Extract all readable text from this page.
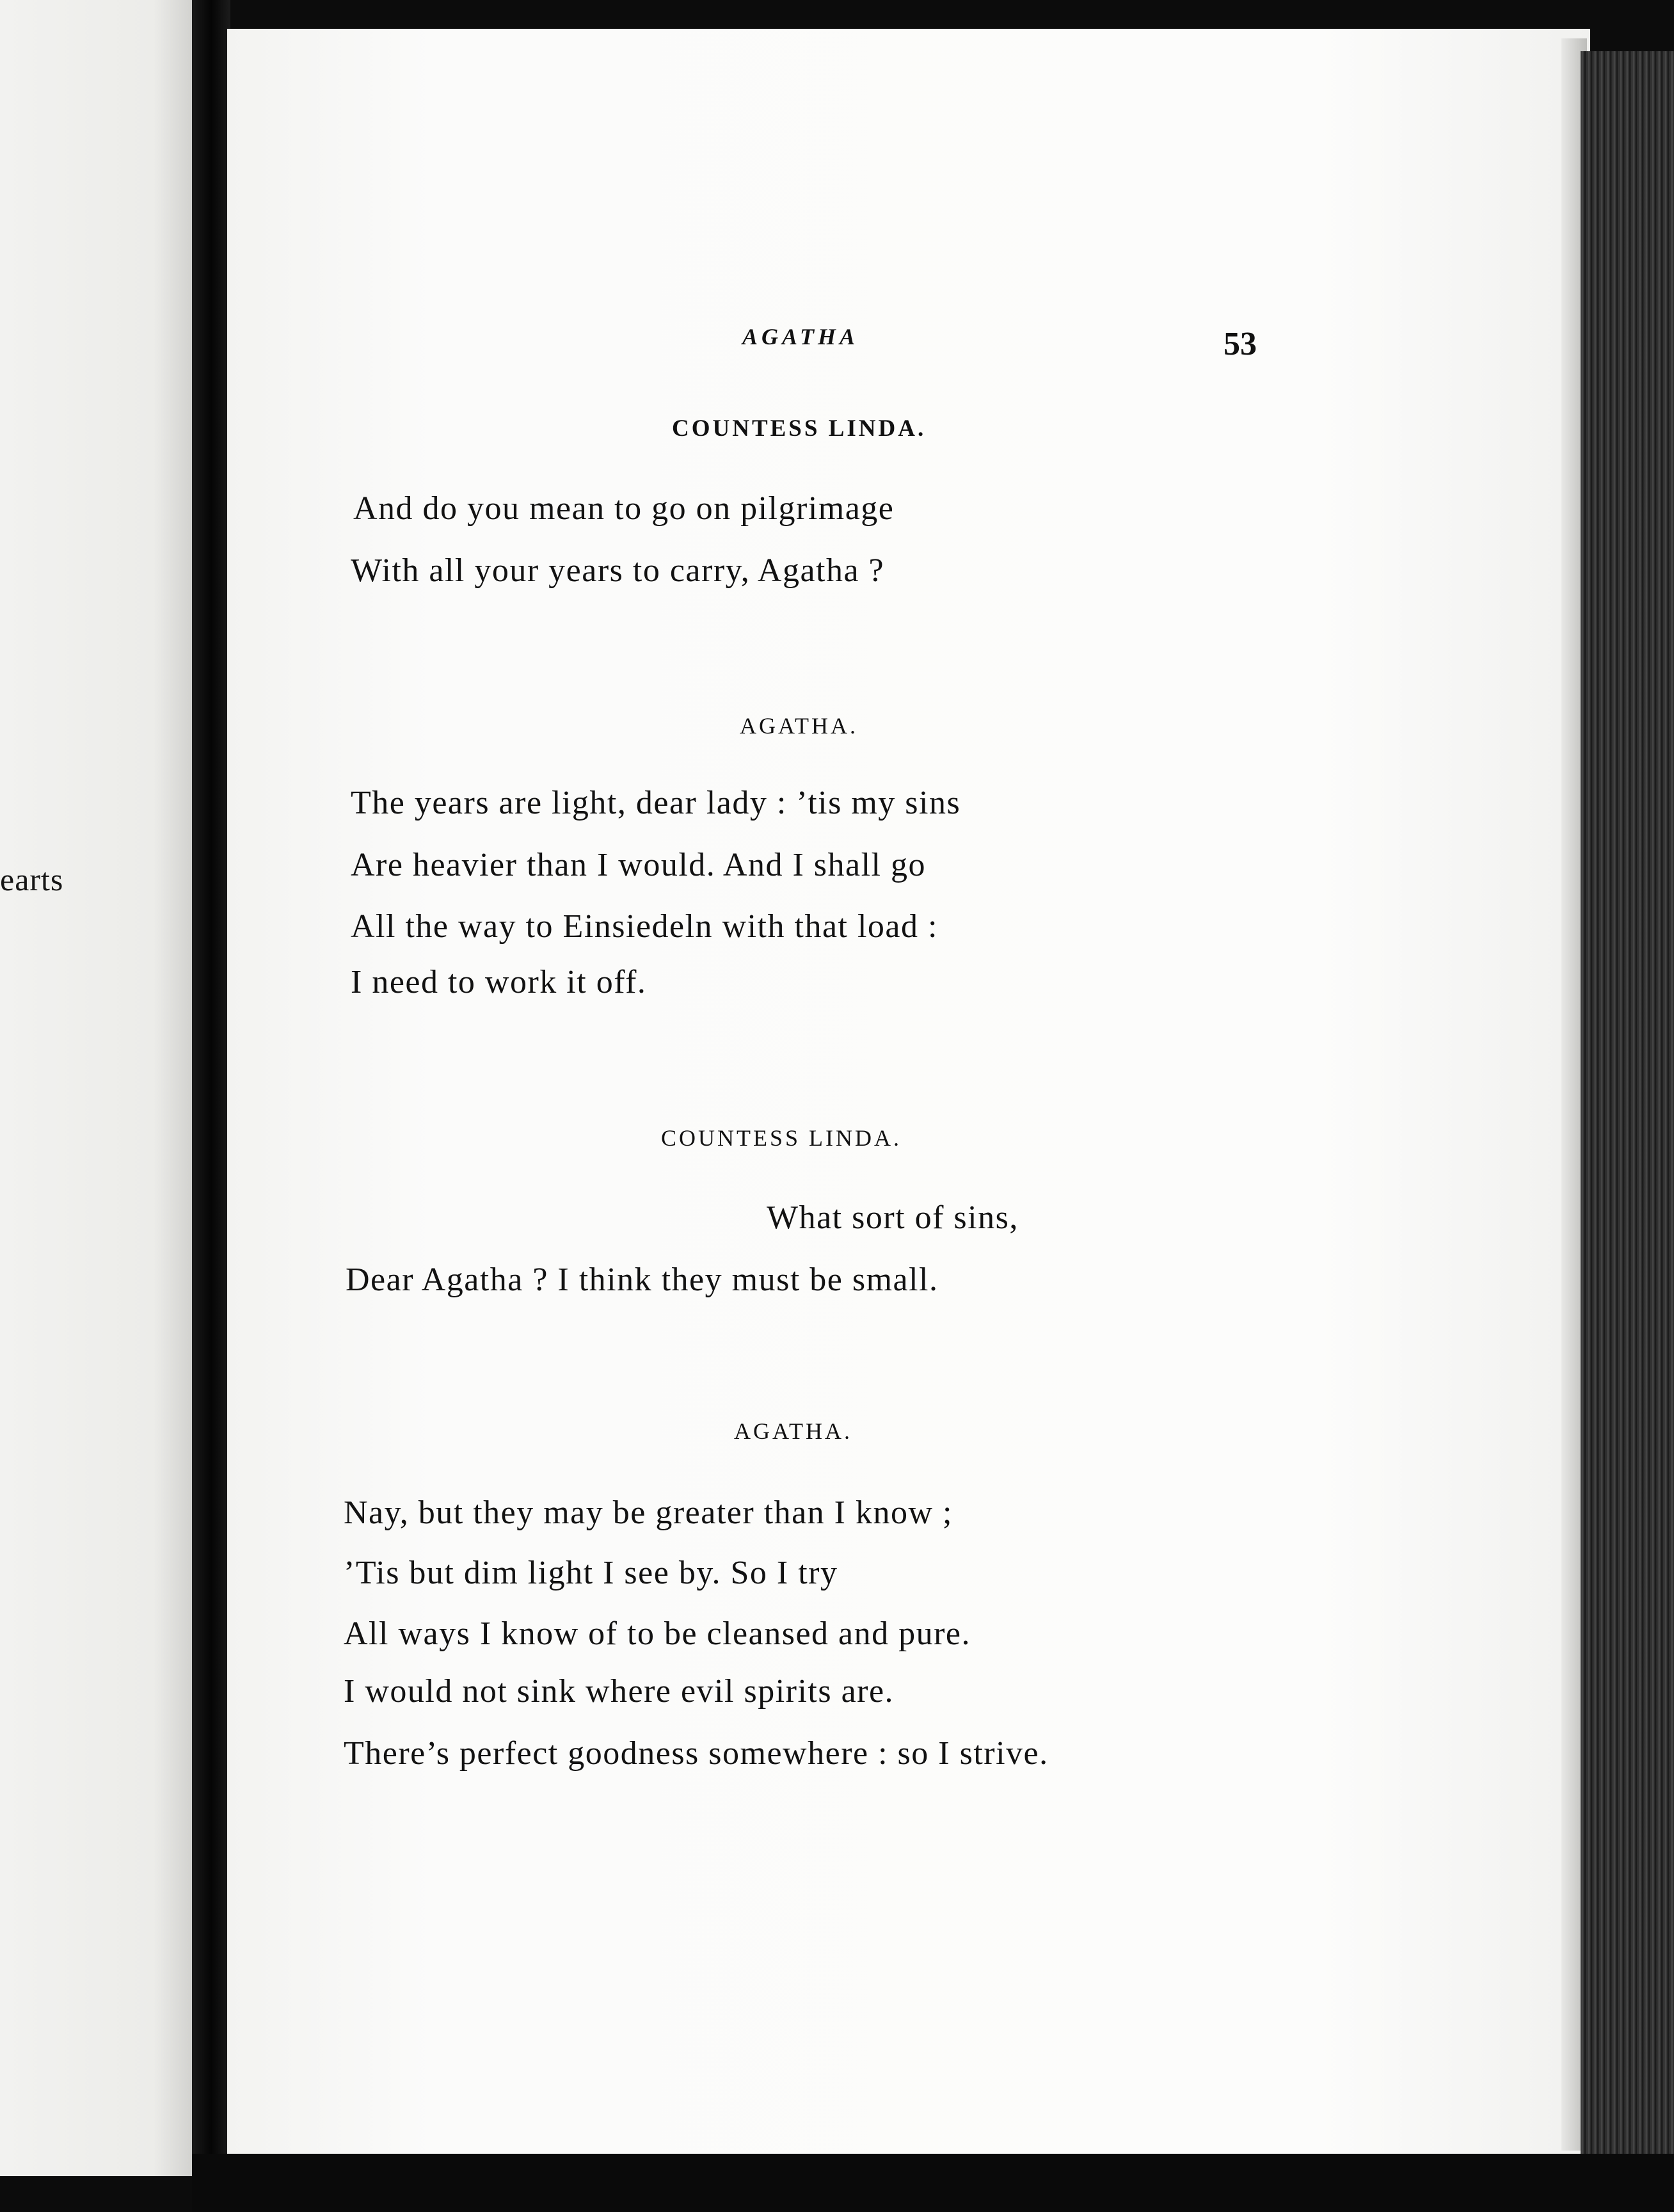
earts
AGATHA	53
COUNTESS LINDA.
And do you mean to go on pilgrimage
With all your years to carry, Agatha ?
AGATHA.
The years are light, dear lady : ’tis my sins
Are heavier than I would. And I shall go
All the way to Einsiedeln with that load :
I need to work it off.
COUNTESS LINDA.
What sort of sins,
Dear Agatha ? I think they must be small.
AGATHA.
Nay, but they may be greater than I know ;
’Tis but dim light I see by. So I try
All ways I know of to be cleansed and pure.
I would not sink where evil spirits are.
There’s perfect goodness somewhere : so I strive.
